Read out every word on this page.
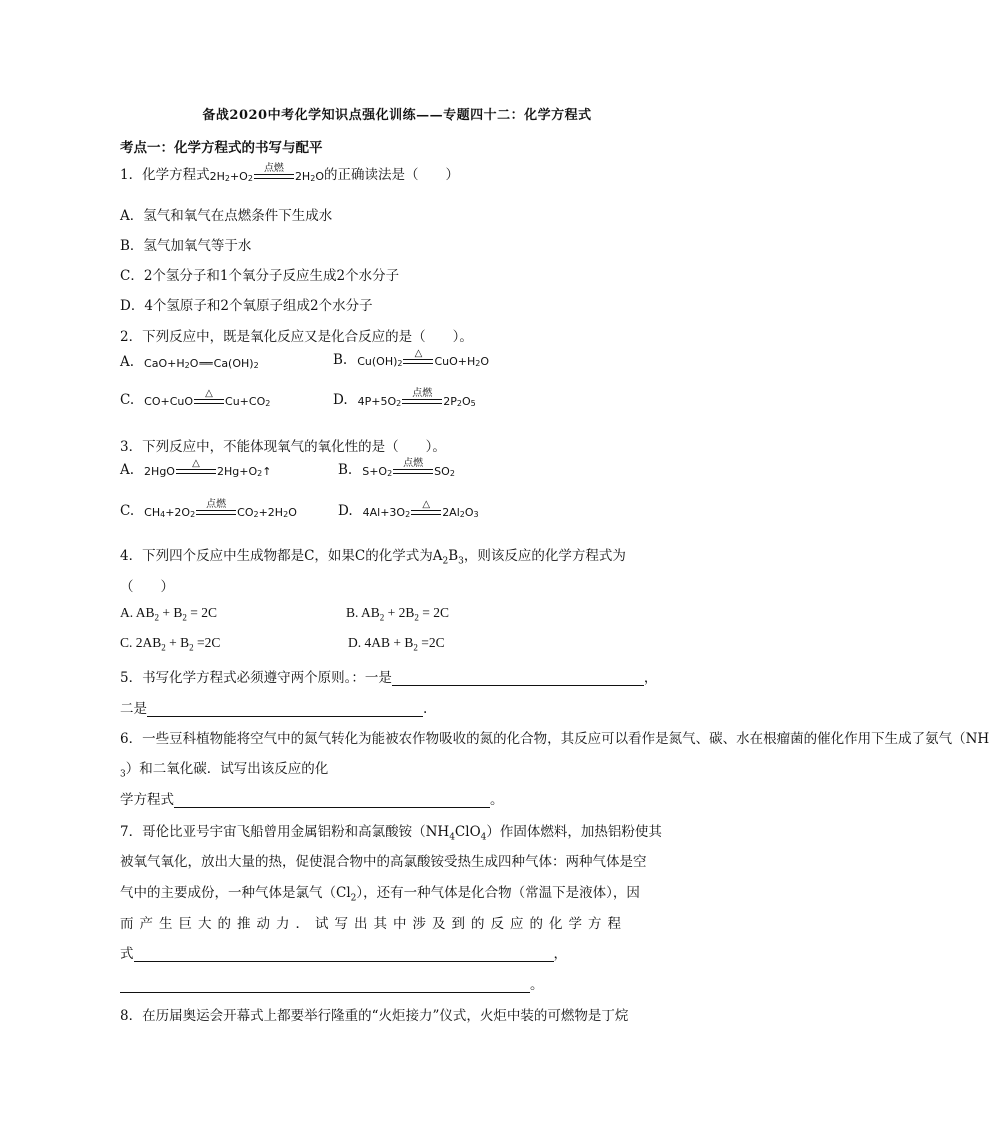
备战2020中考化学知识点强化训练——专题四十二：化学方程式
考点一：化学方程式的书写与配平
1．化学方程式 2H 2 +O 2
点燃
2H 2 O 的正确读法是（　　）
A．氢气和氧气在点燃条件下生成水
B．氢气加氧气等于水
C．2个氢分子和1个氧分子反应生成2个水分子
D．4个氢原子和2个氧原子组成2个水分子
2．下列反应中，既是氧化反应又是化合反应的是（　　）。
A. CaO+H 2 O ══ Ca(OH) 2	B. Cu(OH) 2
△
CuO+H 2 O
C. CO+CuO
△
Cu+CO 2	D. 4P+5O 2
点燃
2P 2 O 5
3．下列反应中，不能体现氧气的氧化性的是（　　）。
A. 2HgO
△
2Hg+O 2 ↑	B. S+O 2
点燃
SO 2
C. CH 4 +2O 2
点燃
CO 2 +2H 2 O	D. 4Al+3O 2
△
2Al 2 O 3
4．下列四个反应中生成物都是C，如果C的化学式为$A_2B_3$，则该反应的化学方程式为
（　　）
A. $AB_2 + B_2 = 2C$	B. $AB_2 + 2B_2 = 2C$
C. $2AB_2 + B_2 =2C$	D. $4AB + B_2 =2C$
5．书写化学方程式必须遵守两个原则。：一是	，
二是	.
6．一些豆科植物能将空气中的氮气转化为能被农作物吸收的氮的化合物，其反应可以看作是氮气、碳、水在根瘤菌的催化作用下生成了氨气（NH
$_3$）和二氧化碳．试写出该反应的化
学方程式	。
7．哥伦比亚号宇宙飞船曾用金属铝粉和高氯酸铵$(NH_4ClO_4)$作固体燃料，加热铝粉使其
被氧气氧化，放出大量的热，促使混合物中的高氯酸铵受热生成四种气体：两种气体是空
气中的主要成份，一种气体是氯气$(Cl_2)$，还有一种气体是化合物（常温下是液体），因
而产生巨大的推动力．试写出其中涉及到的反应的化学方程
式	，
。
8．在历届奥运会开幕式上都要举行隆重的“火炬接力”仪式，火炬中装的可燃物是丁烷
